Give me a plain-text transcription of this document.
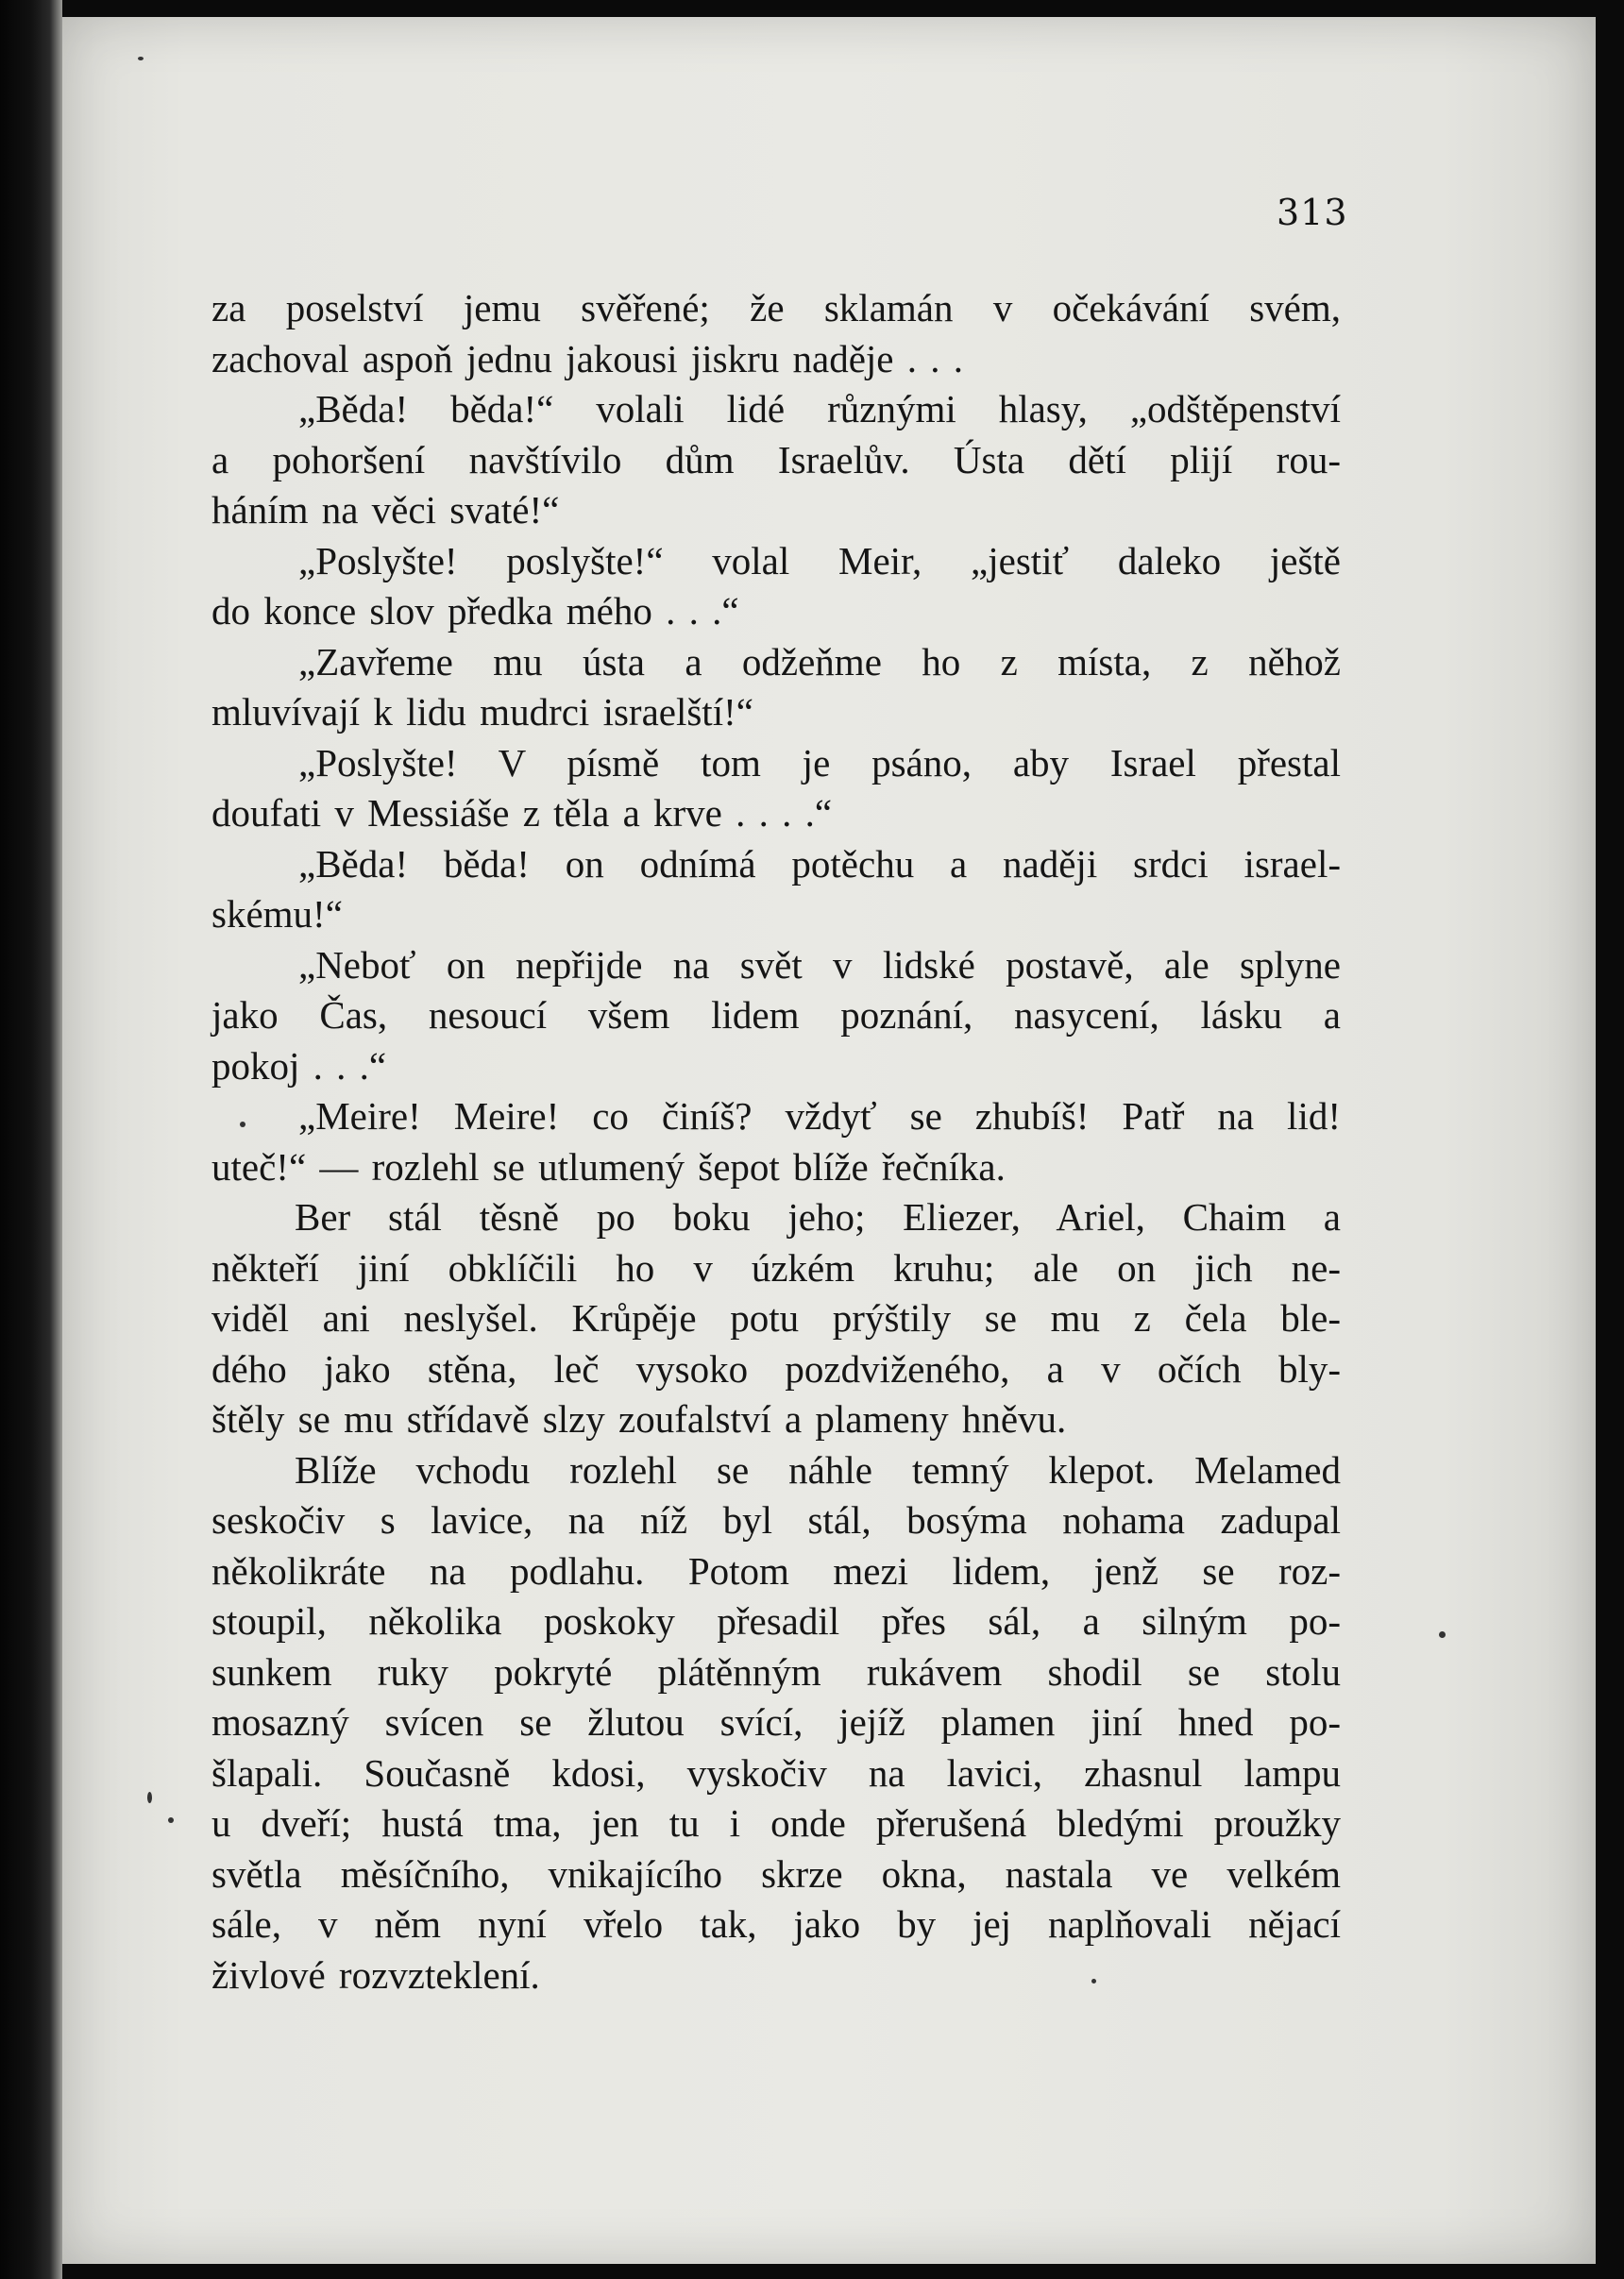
313
za poselství jemu svěřené; že sklamán v očekávání svém,
zachoval aspoň jednu jakousi jiskru naděje . . .
„Běda! běda!“ volali lidé různými hlasy, „odštěpenství
a pohoršení navštívilo dům Israelův. Ústa dětí plijí rou-
háním na věci svaté!“
„Poslyšte! poslyšte!“ volal Meir, „jestiť daleko ještě
do konce slov předka mého . . .“
„Zavřeme mu ústa a odžeňme ho z místa, z něhož
mluvívají k lidu mudrci israelští!“
„Poslyšte! V písmě tom je psáno, aby Israel přestal
doufati v Messiáše z těla a krve . . . .“
„Běda! běda! on odnímá potěchu a naději srdci israel-
skému!“
„Neboť on nepřijde na svět v lidské postavě, ale splyne
jako Čas, nesoucí všem lidem poznání, nasycení, lásku a
pokoj . . .“
„Meire! Meire! co činíš? vždyť se zhubíš! Patř na lid!
uteč!“ — rozlehl se utlumený šepot blíže řečníka.
Ber stál těsně po boku jeho; Eliezer, Ariel, Chaim a
někteří jiní obklíčili ho v úzkém kruhu; ale on jich ne-
viděl ani neslyšel. Krůpěje potu prýštily se mu z čela ble-
dého jako stěna, leč vysoko pozdviženého, a v očích bly-
štěly se mu střídavě slzy zoufalství a plameny hněvu.
Blíže vchodu rozlehl se náhle temný klepot. Melamed
seskočiv s lavice, na níž byl stál, bosýma nohama zadupal
několikráte na podlahu. Potom mezi lidem, jenž se roz-
stoupil, několika poskoky přesadil přes sál, a silným po-
sunkem ruky pokryté plátěnným rukávem shodil se stolu
mosazný svícen se žlutou svící, jejíž plamen jiní hned po-
šlapali. Současně kdosi, vyskočiv na lavici, zhasnul lampu
u dveří; hustá tma, jen tu i onde přerušená bledými proužky
světla měsíčního, vnikajícího skrze okna, nastala ve velkém
sále, v něm nyní vřelo tak, jako by jej naplňovali nějací
živlové rozvzteklení.
